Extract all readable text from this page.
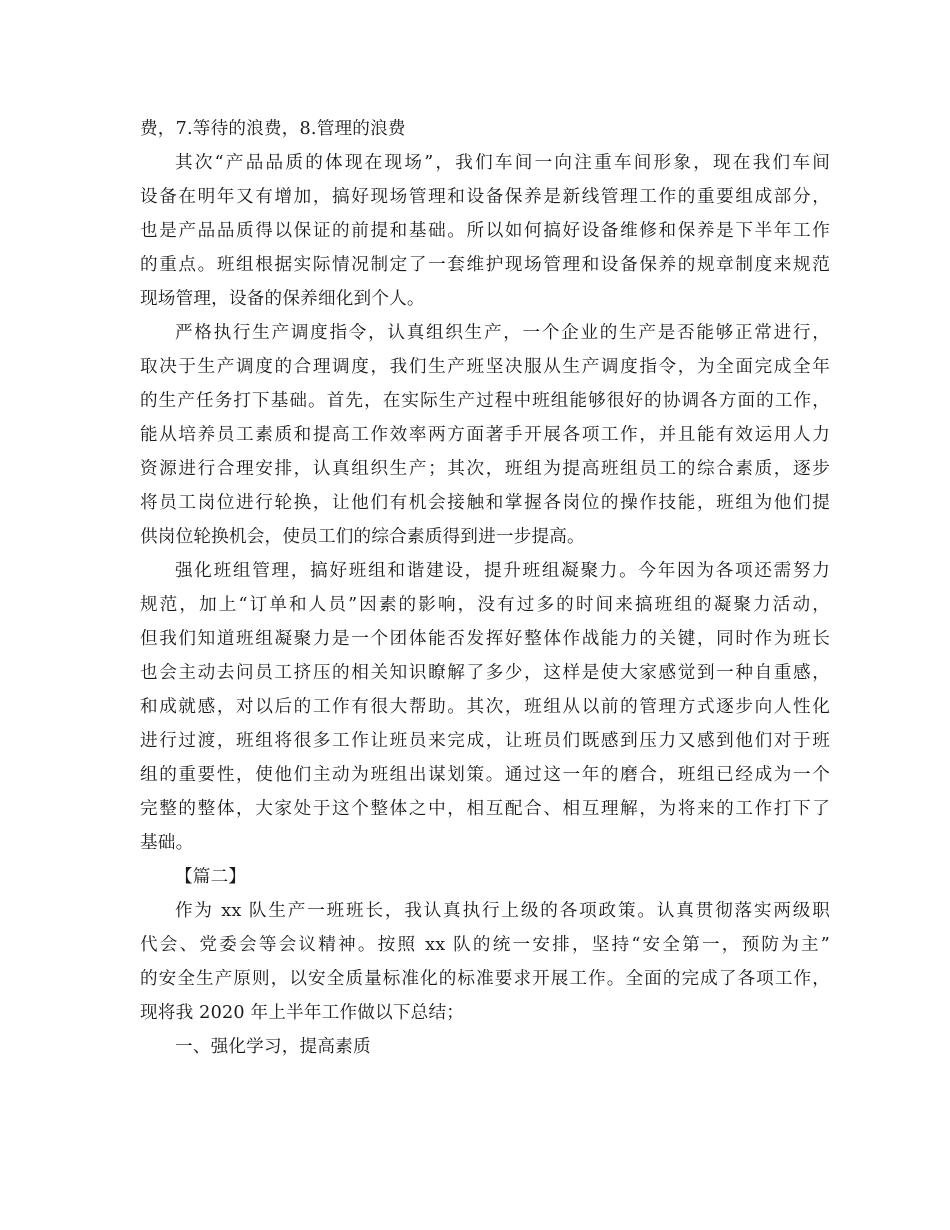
费，7.等待的浪费，8.管理的浪费
其次“产品品质的体现在现场”，我们车间一向注重车间形象，现在我们车间
设备在明年又有增加，搞好现场管理和设备保养是新线管理工作的重要组成部分，
也是产品品质得以保证的前提和基础。所以如何搞好设备维修和保养是下半年工作
的重点。班组根据实际情况制定了一套维护现场管理和设备保养的规章制度来规范
现场管理，设备的保养细化到个人。
严格执行生产调度指令，认真组织生产，一个企业的生产是否能够正常进行，
取决于生产调度的合理调度，我们生产班坚决服从生产调度指令，为全面完成全年
的生产任务打下基础。首先，在实际生产过程中班组能够很好的协调各方面的工作，
能从培养员工素质和提高工作效率两方面著手开展各项工作，并且能有效运用人力
资源进行合理安排，认真组织生产；其次，班组为提高班组员工的综合素质，逐步
将员工岗位进行轮换，让他们有机会接触和掌握各岗位的操作技能，班组为他们提
供岗位轮换机会，使员工们的综合素质得到进一步提高。
强化班组管理，搞好班组和谐建设，提升班组凝聚力。今年因为各项还需努力
规范，加上“订单和人员”因素的影响，没有过多的时间来搞班组的凝聚力活动，
但我们知道班组凝聚力是一个团体能否发挥好整体作战能力的关键，同时作为班长
也会主动去问员工挤压的相关知识瞭解了多少，这样是使大家感觉到一种自重感，
和成就感，对以后的工作有很大帮助。其次，班组从以前的管理方式逐步向人性化
进行过渡，班组将很多工作让班员来完成，让班员们既感到压力又感到他们对于班
组的重要性，使他们主动为班组出谋划策。通过这一年的磨合，班组已经成为一个
完整的整体，大家处于这个整体之中，相互配合、相互理解，为将来的工作打下了
基础。
【篇二】
作为 xx 队生产一班班长，我认真执行上级的各项政策。认真贯彻落实两级职
代会、党委会等会议精神。按照 xx 队的统一安排，坚持“安全第一，预防为主”
的安全生产原则，以安全质量标准化的标准要求开展工作。全面的完成了各项工作，
现将我 2020 年上半年工作做以下总结；
一、强化学习，提高素质
